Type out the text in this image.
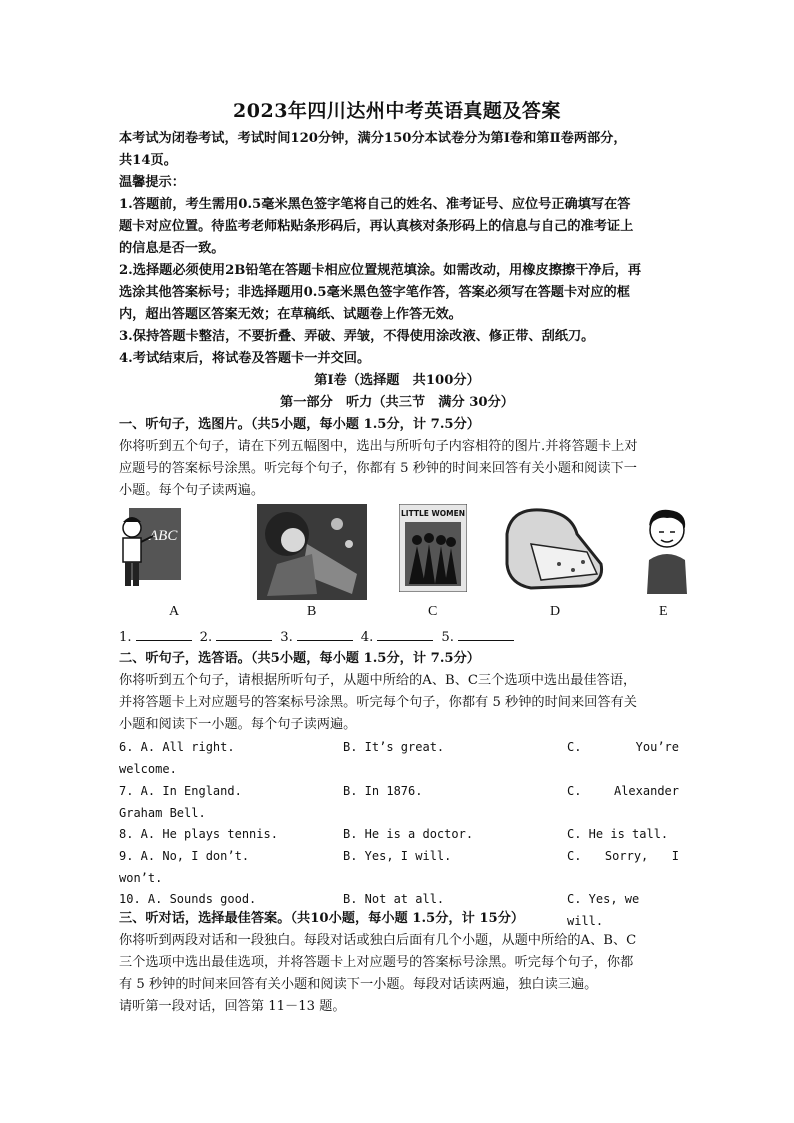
2023年四川达州中考英语真题及答案
本考试为闭卷考试，考试时间120分钟，满分150分本试卷分为第Ⅰ卷和第Ⅱ卷两部分，
共14页。
温馨提示：
1.答题前，考生需用0.5毫米黑色签字笔将自己的姓名、准考证号、应位号正确填写在答
题卡对应位置。待监考老师粘贴条形码后，再认真核对条形码上的信息与自己的准考证上
的信息是否一致。
2.选择题必须使用2B铅笔在答题卡相应位置规范填涂。如需改动，用橡皮擦擦干净后，再
选涂其他答案标号；非选择题用0.5毫米黑色签字笔作答，答案必须写在答题卡对应的框
内，超出答题区答案无效；在草稿纸、试题卷上作答无效。
3.保持答题卡整洁，不要折叠、弄破、弄皱，不得使用涂改液、修正带、刮纸刀。
4.考试结束后，将试卷及答题卡一并交回。
第Ⅰ卷（选择题　共100分）
第一部分　听力（共三节　满分 30分）
一、听句子，选图片。（共5小题，每小题 1.5分，计 7.5分）
你将听到五个句子，请在下列五幅图中，选出与所听句子内容相符的图片.并将答题卡上对
应题号的答案标号涂黑。听完每个句子，你都有 5 秒钟的时间来回答有关小题和阅读下一
小题。每个句子读两遍。
ABC
A	B
LITTLE WOMEN
C	D	E
1.	2.	3.	4.	5.
二、听句子，选答语。（共5小题，每小题 1.5分，计 7.5分）
你将听到五个句子，请根据所听句子，从题中所给的A、B、C三个选项中选出最佳答语，
并将答题卡上对应题号的答案标号涂黑。听完每个句子，你都有 5 秒钟的时间来回答有关
小题和阅读下一小题。每个句子读两遍。
6. A. All right.	B. It’s great.	C. You’re
welcome.
7. A. In England.	B. In 1876.	C. Alexander
Graham Bell.
8. A. He plays tennis.	B. He is a doctor.	C. He is tall.
9. A. No, I don’t.	B. Yes, I will.	C. Sorry, I
won’t.
10. A. Sounds good.	B. Not at all.	C. Yes, we will.
三、听对话，选择最佳答案。（共10小题，每小题 1.5分，计 15分）
你将听到两段对话和一段独白。每段对话或独白后面有几个小题，从题中所给的A、B、C
三个选项中选出最佳选项，并将答题卡上对应题号的答案标号涂黑。听完每个句子，你都
有 5 秒钟的时间来回答有关小题和阅读下一小题。每段对话读两遍，独白读三遍。
请听第一段对话，回答第 11－13 题。
